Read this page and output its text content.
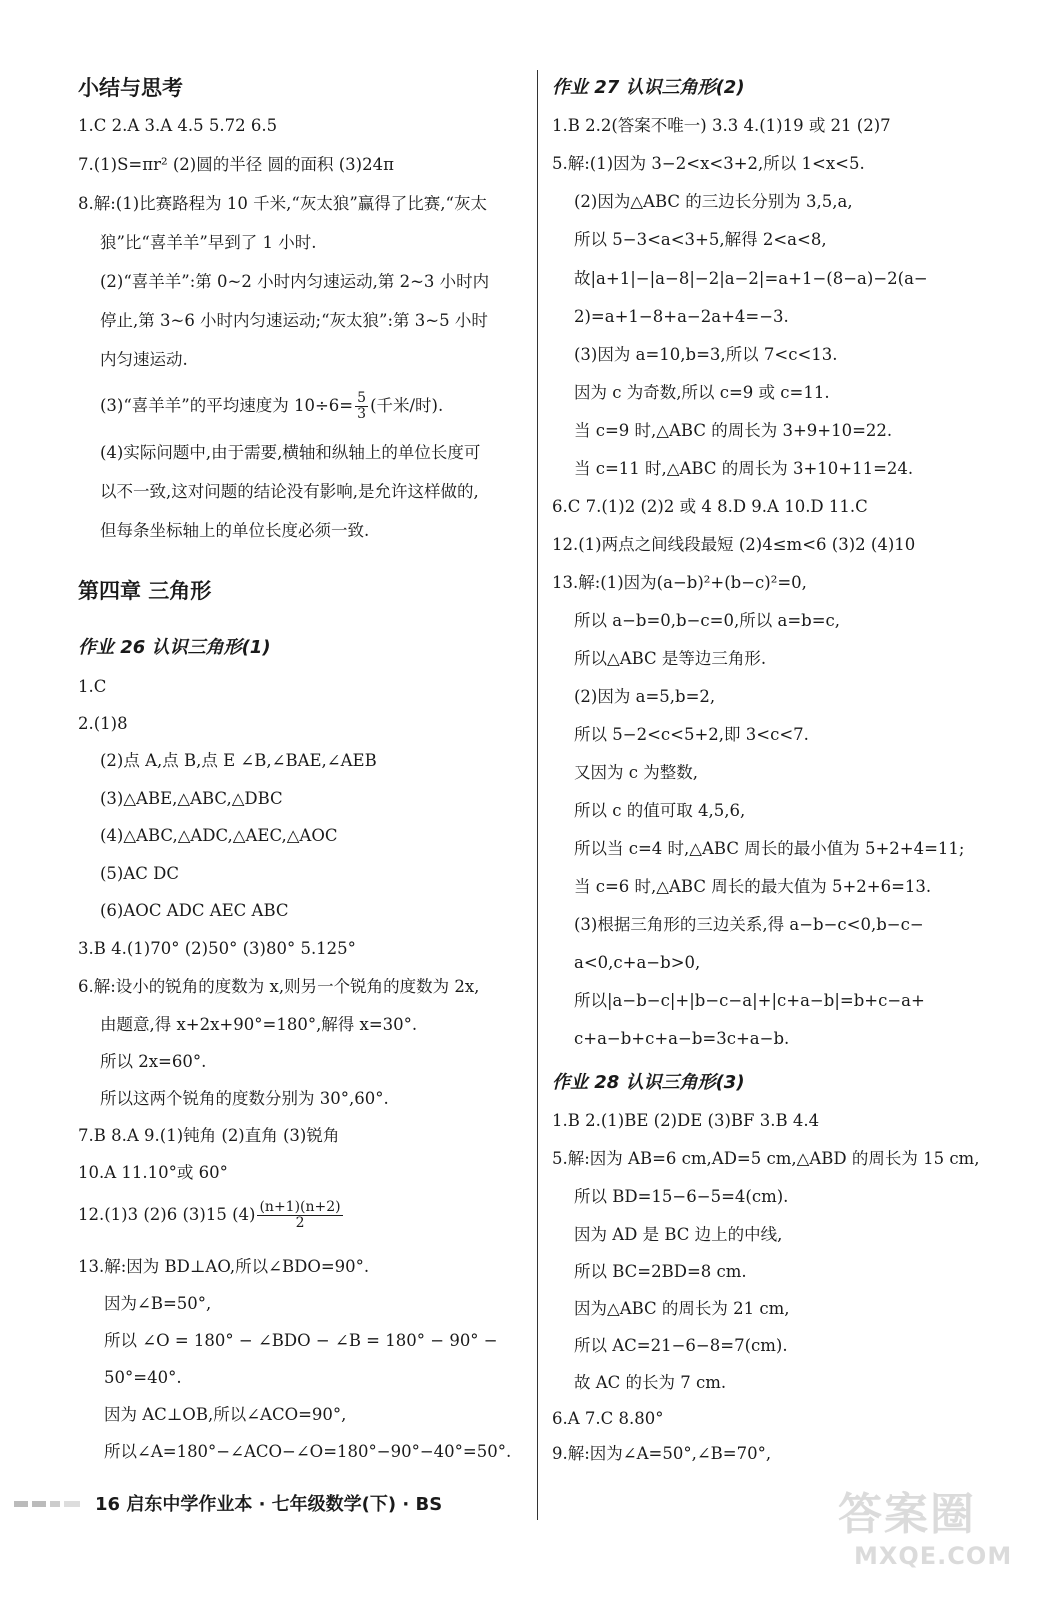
小结与思考
1.C 2.A 3.A 4.5 5.72 6.5
7.(1)S=πr² (2)圆的半径 圆的面积 (3)24π
8.解:(1)比赛路程为 10 千米,“灰太狼”赢得了比赛,“灰太
狼”比“喜羊羊”早到了 1 小时.
(2)“喜羊羊”:第 0~2 小时内匀速运动,第 2~3 小时内
停止,第 3~6 小时内匀速运动;“灰太狼”:第 3~5 小时
内匀速运动.
(3)“喜羊羊”的平均速度为 $10\div 6= \frac{5}{3}$ (千米/时).
(4)实际问题中,由于需要,横轴和纵轴上的单位长度可
以不一致,这对问题的结论没有影响,是允许这样做的,
但每条坐标轴上的单位长度必须一致.
第四章 三角形
作业 26 认识三角形(1)
1.C
2.(1)8
(2)点 A,点 B,点 E ∠B,∠BAE,∠AEB
(3)△ABE,△ABC,△DBC
(4)△ABC,△ADC,△AEC,△AOC
(5)AC DC
(6)AOC ADC AEC ABC
3.B 4.(1)70° (2)50° (3)80° 5.125°
6.解:设小的锐角的度数为 x,则另一个锐角的度数为 2x,
由题意,得 x+2x+90°=180°,解得 x=30°.
所以 2x=60°.
所以这两个锐角的度数分别为 30°,60°.
7.B 8.A 9.(1)钝角 (2)直角 (3)锐角
10.A 11.10°或 60°
12.(1)3 (2)6 (3)15 $(4) \frac{(n+1)(n+2)}{2}$
13.解:因为 BD⊥AO,所以∠BDO=90°.
因为∠B=50°,
所以 ∠O = 180° − ∠BDO − ∠B = 180° − 90° −
50°=40°.
因为 AC⊥OB,所以∠ACO=90°,
所以∠A=180°−∠ACO−∠O=180°−90°−40°=50°.
作业 27 认识三角形(2)
1.B 2.2(答案不唯一) 3.3 4.(1)19 或 21 (2)7
5.解:(1)因为 3−2<x<3+2,所以 1<x<5.
(2)因为△ABC 的三边长分别为 3,5,a,
所以 5−3<a<3+5,解得 2<a<8,
故|a+1|−|a−8|−2|a−2|=a+1−(8−a)−2(a−
2)=a+1−8+a−2a+4=−3.
(3)因为 a=10,b=3,所以 7<c<13.
因为 c 为奇数,所以 c=9 或 c=11.
当 c=9 时,△ABC 的周长为 3+9+10=22.
当 c=11 时,△ABC 的周长为 3+10+11=24.
6.C 7.(1)2 (2)2 或 4 8.D 9.A 10.D 11.C
12.(1)两点之间线段最短 (2)4≤m<6 (3)2 (4)10
13.解:(1)因为(a−b)²+(b−c)²=0,
所以 a−b=0,b−c=0,所以 a=b=c,
所以△ABC 是等边三角形.
(2)因为 a=5,b=2,
所以 5−2<c<5+2,即 3<c<7.
又因为 c 为整数,
所以 c 的值可取 4,5,6,
所以当 c=4 时,△ABC 周长的最小值为 5+2+4=11;
当 c=6 时,△ABC 周长的最大值为 5+2+6=13.
(3)根据三角形的三边关系,得 a−b−c<0,b−c−
a<0,c+a−b>0,
所以|a−b−c|+|b−c−a|+|c+a−b|=b+c−a+
c+a−b+c+a−b=3c+a−b.
作业 28 认识三角形(3)
1.B 2.(1)BE (2)DE (3)BF 3.B 4.4
5.解:因为 AB=6 cm,AD=5 cm,△ABD 的周长为 15 cm,
所以 BD=15−6−5=4(cm).
因为 AD 是 BC 边上的中线,
所以 BC=2BD=8 cm.
因为△ABC 的周长为 21 cm,
所以 AC=21−6−8=7(cm).
故 AC 的长为 7 cm.
6.A 7.C 8.80°
9.解:因为∠A=50°,∠B=70°,
16 启东中学作业本 · 七年级数学(下) · BS	答案圈
MXQE.COM
